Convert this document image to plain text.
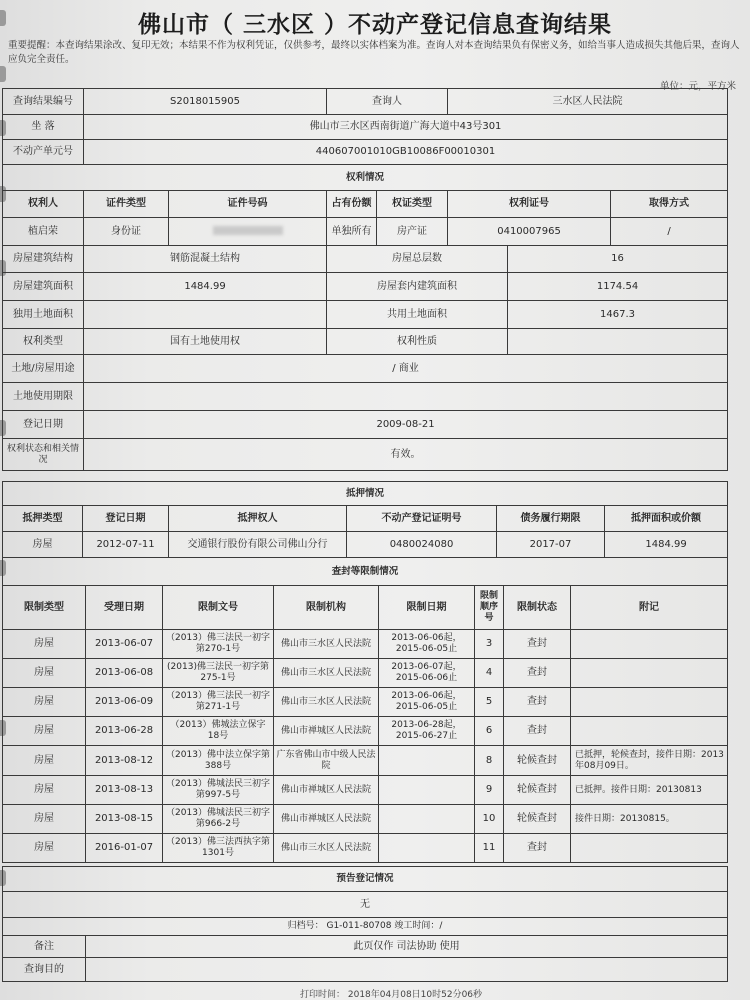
佛山市（ 三水区 ）不动产登记信息查询结果
重要提醒：本查询结果涂改、复印无效；本结果不作为权利凭证，仅供参考，最终以实体档案为准。查询人对本查询结果负有保密义务，如给当事人造成损失其他后果，查询人应负完全责任。
单位：元，平方米
查询结果编号	S2018015905		查询人		三水区人民法院		
坐 落	佛山市三水区西南街道广海大道中43号301						
不动产单元号	440607001010GB10086F00010301						
权利情况							
权利人	证件类型	证件号码	占有份额	权证类型	权利证号		取得方式
植启荣	身份证		单独所有	房产证	0410007965		/
房屋建筑结构	钢筋混凝土结构		房屋总层数			16	
房屋建筑面积	1484.99		房屋套内建筑面积			1174.54	
独用土地面积			共用土地面积			1467.3	
权利类型	国有土地使用权		权利性质				
土地/房屋用途	/ 商业						
土地使用期限							
登记日期	2009-08-21						
权利状态和相关情况	有效。						
抵押情况					
抵押类型	登记日期	抵押权人	不动产登记证明号	债务履行期限	抵押面积或价额
房屋	2012-07-11	交通银行股份有限公司佛山分行	0480024080	2017-07	1484.99
查封等限制情况							
限制类型	受理日期	限制文号	限制机构	限制日期	限制顺序号	限制状态	附记
房屋	2013-06-07	（2013）佛三法民一初字第270-1号	佛山市三水区人民法院	2013-06-06起，2015-06-05止	3	查封	
房屋	2013-06-08	(2013)佛三法民一初字第275-1号	佛山市三水区人民法院	2013-06-07起，2015-06-06止	4	查封	
房屋	2013-06-09	（2013）佛三法民一初字第271-1号	佛山市三水区人民法院	2013-06-06起，2015-06-05止	5	查封	
房屋	2013-06-28	（2013）佛城法立保字18号	佛山市禅城区人民法院	2013-06-28起，2015-06-27止	6	查封	
房屋	2013-08-12	（2013）佛中法立保字第388号	广东省佛山市中级人民法院		8	轮候查封	已抵押，轮候查封，接件日期：2013年08月09日。
房屋	2013-08-13	（2013）佛城法民三初字第997-5号	佛山市禅城区人民法院		9	轮候查封	已抵押。接件日期：20130813
房屋	2013-08-15	（2013）佛城法民三初字第966-2号	佛山市禅城区人民法院		10	轮候查封	接件日期：20130815。
房屋	2016-01-07	（2013）佛三法西执字第1301号	佛山市三水区人民法院		11	查封	
预告登记情况	
无	
归档号： G1-011-80708 竣工时间：/	
备注	此页仅作 司法协助 使用
查询目的	
打印时间： 2018年04月08日10时52分06秒
